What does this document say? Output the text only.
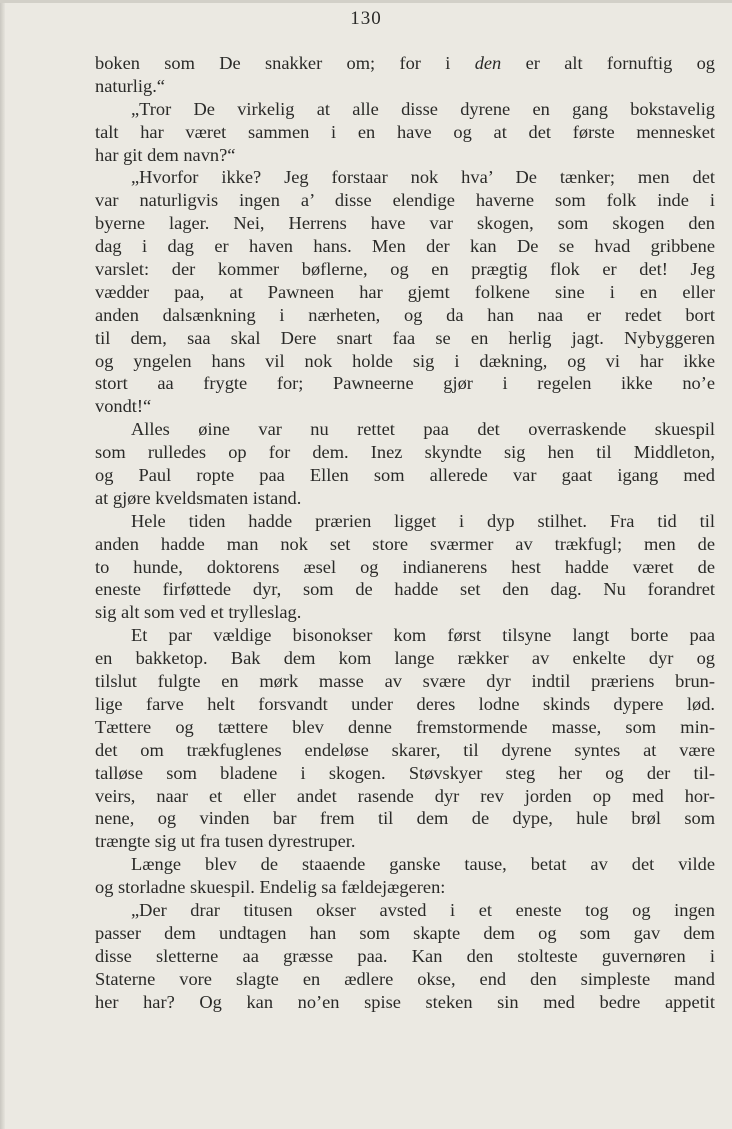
130
boken som De snakker om; for i den er alt fornuftig og
naturlig.“
„Tror De virkelig at alle disse dyrene en gang bokstavelig
talt har været sammen i en have og at det første mennesket
har git dem navn?“
„Hvorfor ikke? Jeg forstaar nok hva’ De tænker; men det
var naturligvis ingen a’ disse elendige haverne som folk inde i
byerne lager. Nei, Herrens have var skogen, som skogen den
dag i dag er haven hans. Men der kan De se hvad gribbene
varslet: der kommer bøflerne, og en prægtig flok er det! Jeg
vædder paa, at Pawneen har gjemt folkene sine i en eller
anden dalsænkning i nærheten, og da han naa er redet bort
til dem, saa skal Dere snart faa se en herlig jagt. Nybyggeren
og yngelen hans vil nok holde sig i dækning, og vi har ikke
stort aa frygte for; Pawneerne gjør i regelen ikke no’e
vondt!“
Alles øine var nu rettet paa det overraskende skuespil
som rulledes op for dem. Inez skyndte sig hen til Middleton,
og Paul ropte paa Ellen som allerede var gaat igang med
at gjøre kveldsmaten istand.
Hele tiden hadde prærien ligget i dyp stilhet. Fra tid til
anden hadde man nok set store sværmer av trækfugl; men de
to hunde, doktorens æsel og indianerens hest hadde været de
eneste firføttede dyr, som de hadde set den dag. Nu forandret
sig alt som ved et trylleslag.
Et par vældige bisonokser kom først tilsyne langt borte paa
en bakketop. Bak dem kom lange rækker av enkelte dyr og
tilslut fulgte en mørk masse av svære dyr indtil præriens brun-
lige farve helt forsvandt under deres lodne skinds dypere lød.
Tættere og tættere blev denne fremstormende masse, som min-
det om trækfuglenes endeløse skarer, til dyrene syntes at være
talløse som bladene i skogen. Støvskyer steg her og der til-
veirs, naar et eller andet rasende dyr rev jorden op med hor-
nene, og vinden bar frem til dem de dype, hule brøl som
trængte sig ut fra tusen dyrestruper.
Længe blev de staaende ganske tause, betat av det vilde
og storladne skuespil. Endelig sa fældejægeren:
„Der drar titusen okser avsted i et eneste tog og ingen
passer dem undtagen han som skapte dem og som gav dem
disse sletterne aa græsse paa. Kan den stolteste guvernøren i
Staterne vore slagte en ædlere okse, end den simpleste mand
her har? Og kan no’en spise steken sin med bedre appetit
